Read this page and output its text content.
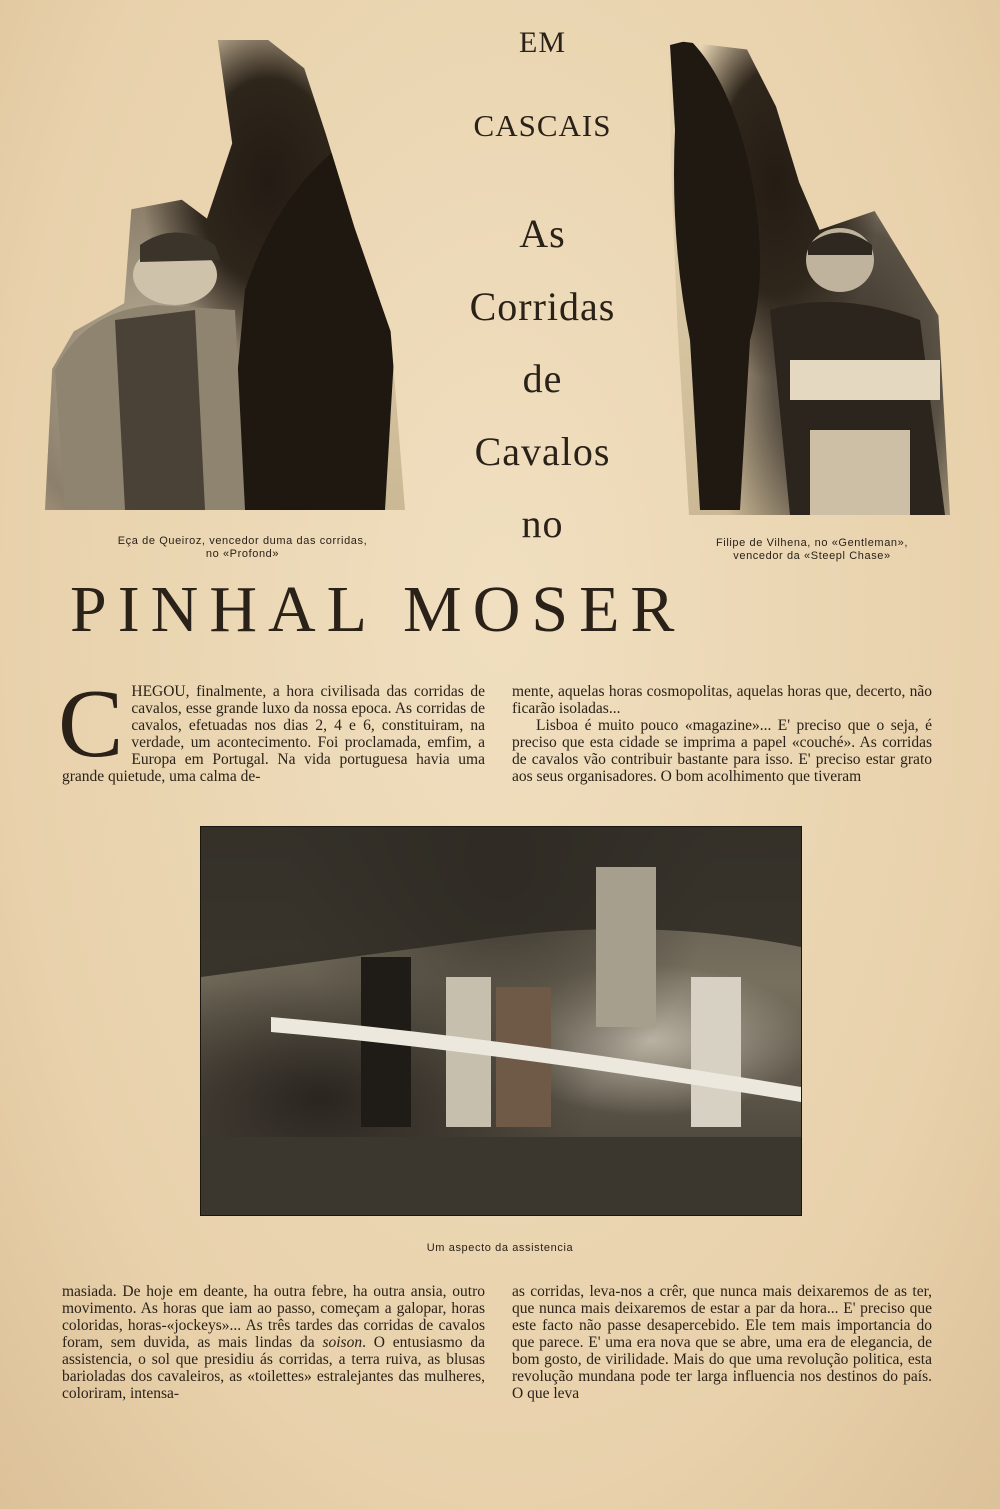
EM
CASCAIS
As
Corridas
de
Cavalos
no
Eça de Queiroz, vencedor duma das corridas,
no «Profond»
Filipe de Vilhena, no «Gentleman»,
vencedor da «Steepl Chase»
PINHAL MOSER

CHEGOU, finalmente, a hora civilisada das corridas de cavalos, esse grande luxo da nossa epoca. As corridas de cavalos, efetuadas nos dias 2, 4 e 6, constituiram, na verdade, um acontecimento. Foi proclamada, emfim, a Europa em Portugal. Na vida portuguesa havia uma grande quietude, uma calma de-

mente, aquelas horas cosmopolitas, aquelas horas que, decerto, não ficarão isoladas...

Lisboa é muito pouco «magazine»... E' preciso que o seja, é preciso que esta cidade se imprima a papel «couché». As corridas de cavalos vão contribuir bastante para isso. E' preciso estar grato aos seus organisadores. O bom acolhimento que tiveram

Um aspecto da assistencia

masiada. De hoje em deante, ha outra febre, ha outra ansia, outro movimento. As horas que iam ao passo, começam a galopar, horas coloridas, horas-«jockeys»... As três tardes das corridas de cavalos foram, sem duvida, as mais lindas da soison. O entusiasmo da assistencia, o sol que presidiu ás corridas, a terra ruiva, as blusas barioladas dos cavaleiros, as «toilettes» estralejantes das mulheres, coloriram, intensa-

as corridas, leva-nos a crêr, que nunca mais deixaremos de as ter, que nunca mais deixaremos de estar a par da hora... E' preciso que este facto não passe desapercebido. Ele tem mais importancia do que parece. E' uma era nova que se abre, uma era de elegancia, de bom gosto, de virilidade. Mais do que uma revolução politica, esta revolução mundana pode ter larga influencia nos destinos do país. O que leva
